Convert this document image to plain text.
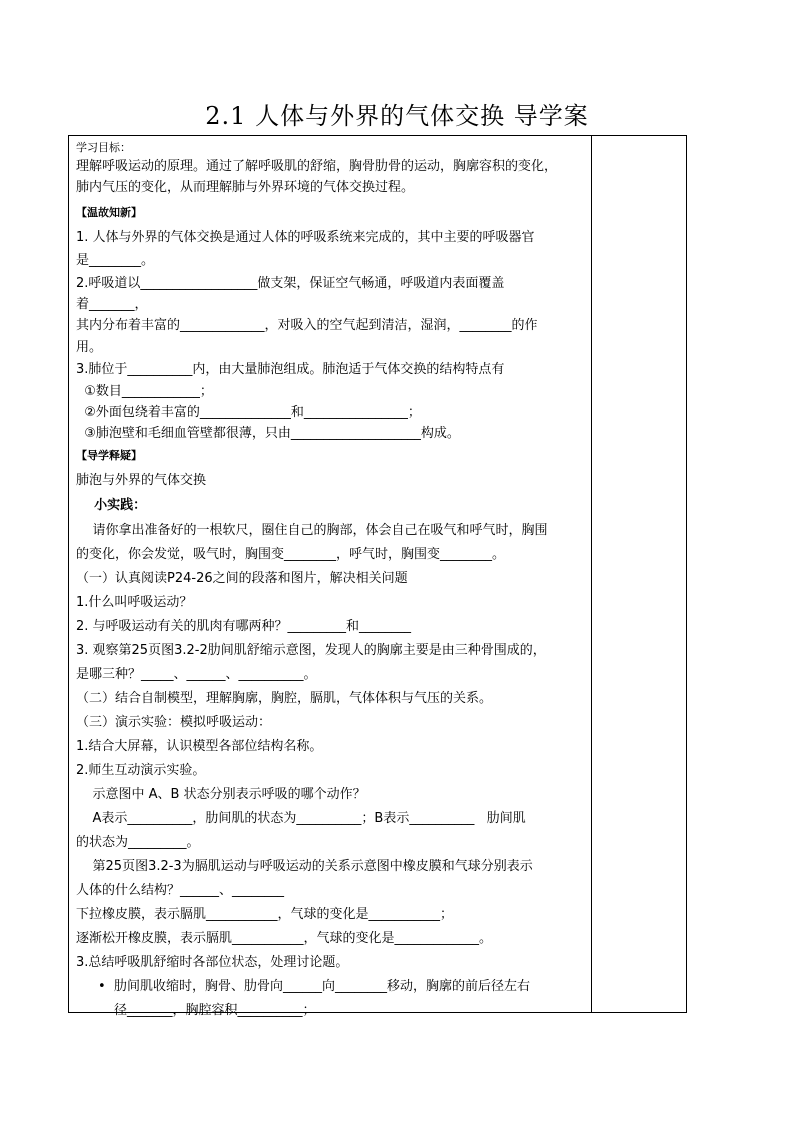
2.1 人体与外界的气体交换 导学案
学习目标：
理解呼吸运动的原理。通过了解呼吸肌的舒缩，胸骨肋骨的运动，胸廓容积的变化，
肺内气压的变化，从而理解肺与外界环境的气体交换过程。
【温故知新】
1. 人体与外界的气体交换是通过人体的呼吸系统来完成的，其中主要的呼吸器官
是________。
2.呼吸道以__________________做支架，保证空气畅通，呼吸道内表面覆盖
着_______，
其内分布着丰富的_____________，对吸入的空气起到清洁，湿润，________的作
用。
3.肺位于__________内，由大量肺泡组成。肺泡适于气体交换的结构特点有
①数目____________；
②外面包绕着丰富的______________和________________；
③肺泡壁和毛细血管壁都很薄，只由____________________构成。
【导学释疑】
肺泡与外界的气体交换
小实践：
请你拿出准备好的一根软尺，圈住自己的胸部，体会自己在吸气和呼气时，胸围
的变化，你会发觉，吸气时，胸围变________，呼气时，胸围变________。
（一）认真阅读P24-26之间的段落和图片，解决相关问题
1.什么叫呼吸运动？
2. 与呼吸运动有关的肌肉有哪两种？_________和________
3. 观察第25页图3.2-2肋间肌舒缩示意图，发现人的胸廓主要是由三种骨围成的，
是哪三种？_____、______、__________。
（二）结合自制模型，理解胸廓，胸腔，膈肌，气体体积与气压的关系。
（三）演示实验：模拟呼吸运动：
1.结合大屏幕，认识模型各部位结构名称。
2.师生互动演示实验。
示意图中 A、B 状态分别表示呼吸的哪个动作？
A表示__________，肋间肌的状态为__________；B表示__________   肋间肌
的状态为_________。
第25页图3.2-3为膈肌运动与呼吸运动的关系示意图中橡皮膜和气球分别表示
人体的什么结构？______、________
下拉橡皮膜，表示膈肌___________，气球的变化是___________；
逐渐松开橡皮膜，表示膈肌___________，气球的变化是_____________。
3.总结呼吸肌舒缩时各部位状态，处理讨论题。
• 肋间肌收缩时，胸骨、肋骨向______向________移动，胸廓的前后径左右
径_______，胸腔容积__________；
